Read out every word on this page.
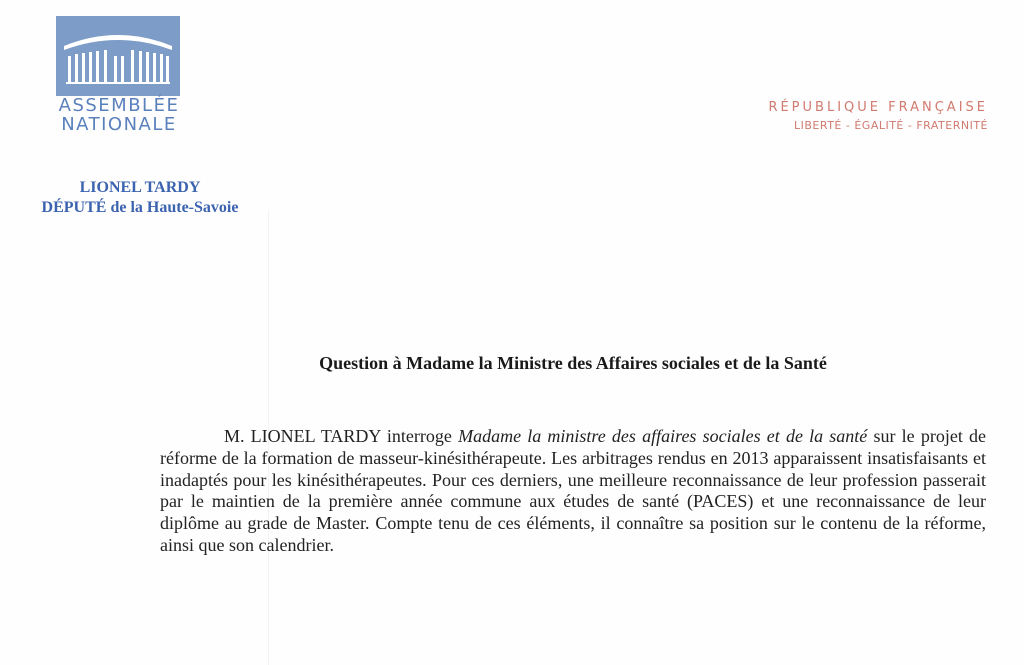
ASSEMBLÉE
NATIONALE
RÉPUBLIQUE FRANÇAISE
LIBERTÉ - ÉGALITÉ - FRATERNITÉ
LIONEL TARDY
DÉPUTÉ de la Haute-Savoie
Question à Madame la Ministre des Affaires sociales et de la Santé
M. LIONEL TARDY interroge Madame la ministre des affaires sociales et de la santé sur le projet de réforme de la formation de masseur-kinésithérapeute. Les arbitrages rendus en 2013 apparaissent insatisfaisants et inadaptés pour les kinésithérapeutes. Pour ces derniers, une meilleure reconnaissance de leur profession passerait par le maintien de la première année commune aux études de santé (PACES) et une reconnaissance de leur diplôme au grade de Master. Compte tenu de ces éléments, il connaître sa position sur le contenu de la réforme, ainsi que son calendrier.
